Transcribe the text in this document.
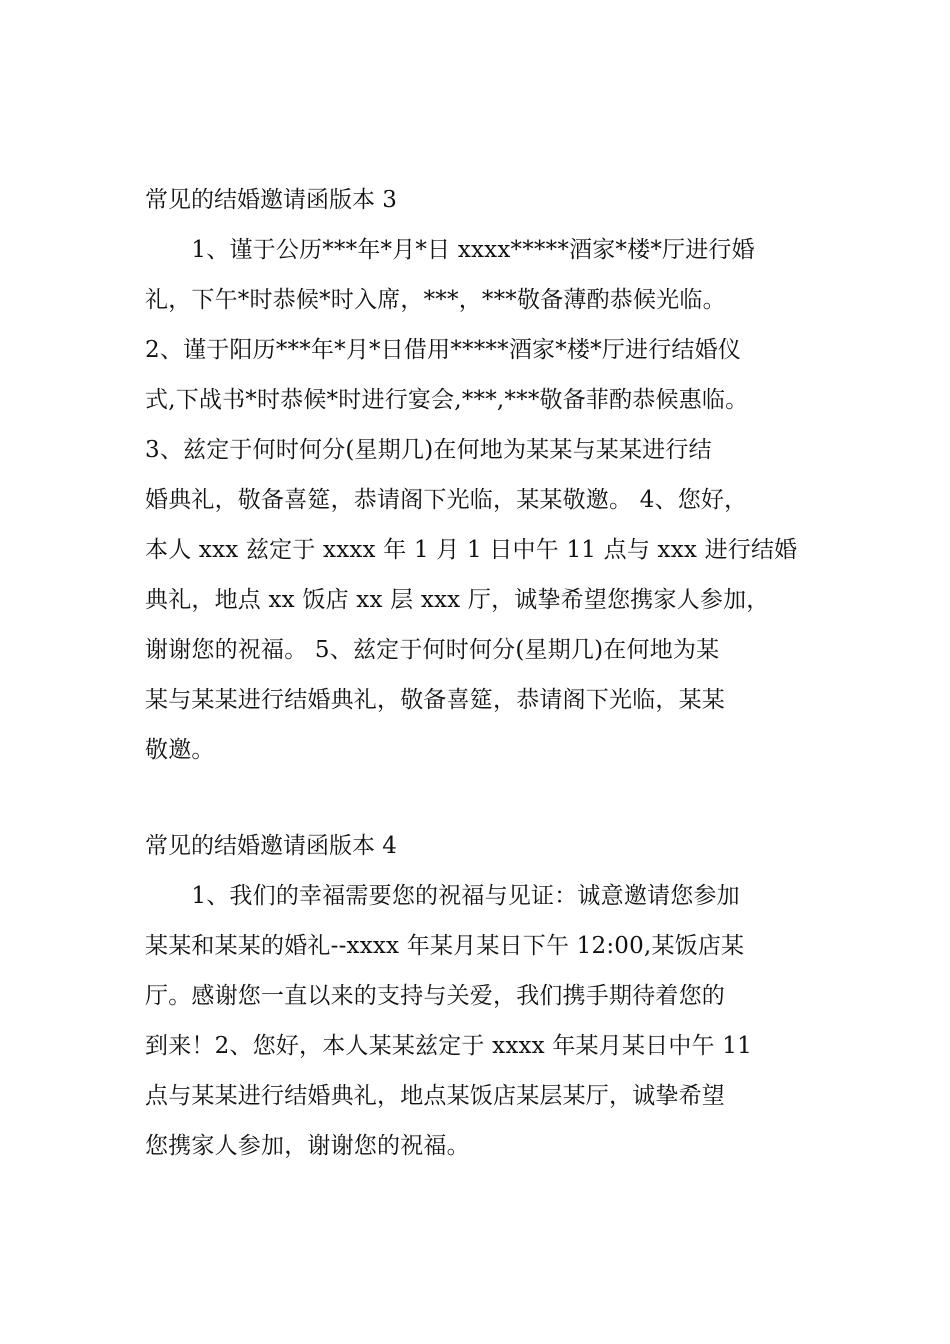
常见的结婚邀请函版本 3
　　1、谨于公历***年*月*日 xxxx*****酒家*楼*厅进行婚
礼，下午*时恭候*时入席，***，***敬备薄酌恭候光临。
2、谨于阳历***年*月*日借用*****酒家*楼*厅进行结婚仪
式,下战书*时恭候*时进行宴会,***,***敬备菲酌恭候惠临。
3、兹定于何时何分(星期几)在何地为某某与某某进行结
婚典礼，敬备喜筵，恭请阁下光临，某某敬邀。 4、您好，
本人 xxx 兹定于 xxxx 年 1 月 1 日中午 11 点与 xxx 进行结婚
典礼，地点 xx 饭店 xx 层 xxx 厅，诚挚希望您携家人参加，
谢谢您的祝福。 5、兹定于何时何分(星期几)在何地为某
某与某某进行结婚典礼，敬备喜筵，恭请阁下光临，某某
敬邀。
常见的结婚邀请函版本 4
　　1、我们的幸福需要您的祝福与见证：诚意邀请您参加
某某和某某的婚礼--xxxx 年某月某日下午 12:00,某饭店某
厅。感谢您一直以来的支持与关爱，我们携手期待着您的
到来！2、您好，本人某某兹定于 xxxx 年某月某日中午 11
点与某某进行结婚典礼，地点某饭店某层某厅，诚挚希望
您携家人参加，谢谢您的祝福。
